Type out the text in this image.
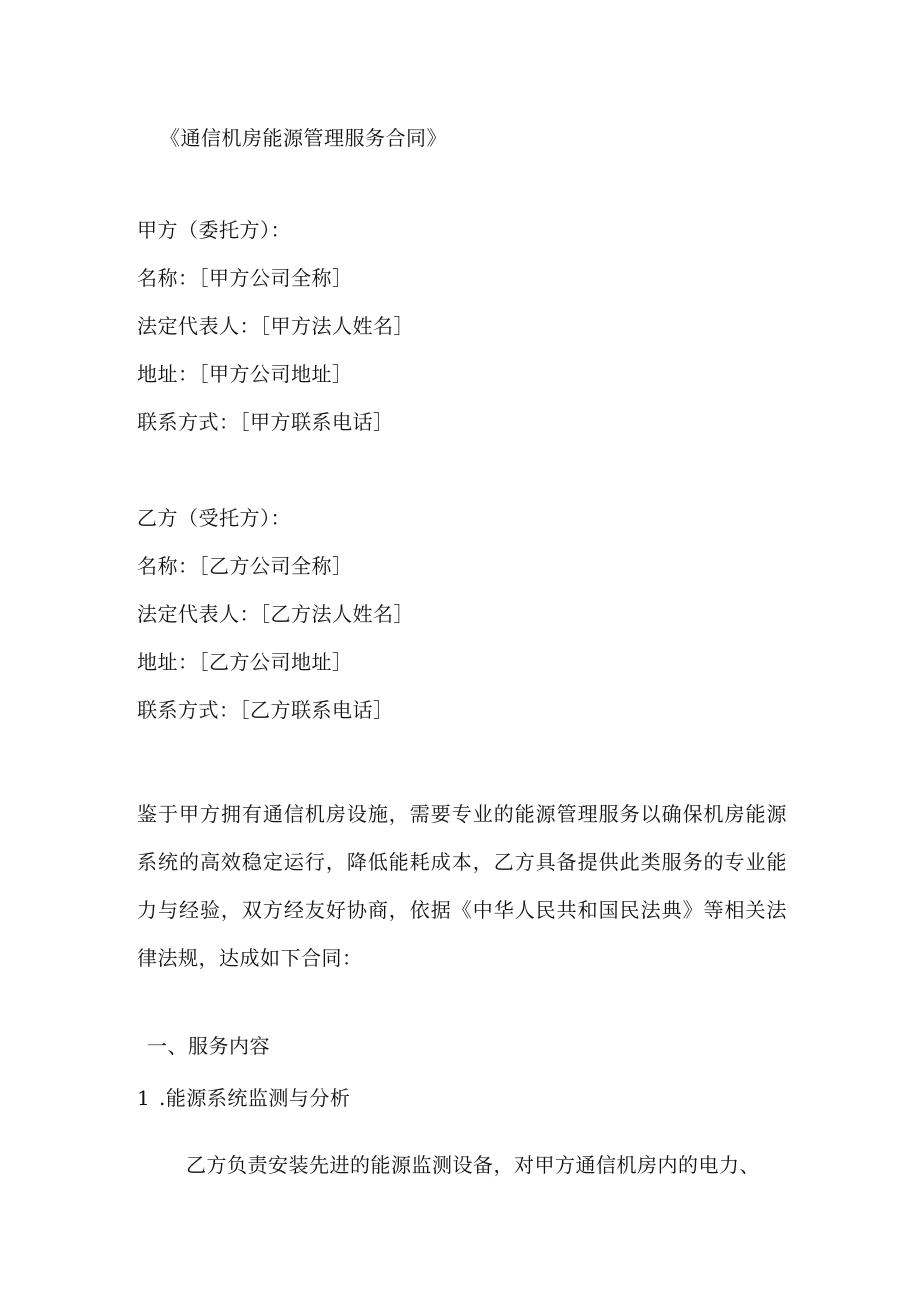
《通信机房能源管理服务合同》
甲方（委托方）：
名称：［甲方公司全称］
法定代表人：［甲方法人姓名］
地址：［甲方公司地址］
联系方式：［甲方联系电话］
乙方（受托方）：
名称：［乙方公司全称］
法定代表人：［乙方法人姓名］
地址：［乙方公司地址］
联系方式：［乙方联系电话］
鉴于甲方拥有通信机房设施，需要专业的能源管理服务以确保机房能源系统的高效稳定运行，降低能耗成本，乙方具备提供此类服务的专业能力与经验，双方经友好协商，依据《中华人民共和国民法典》等相关法律法规，达成如下合同：
一、服务内容
1 .能源系统监测与分析
乙方负责安装先进的能源监测设备，对甲方通信机房内的电力、
